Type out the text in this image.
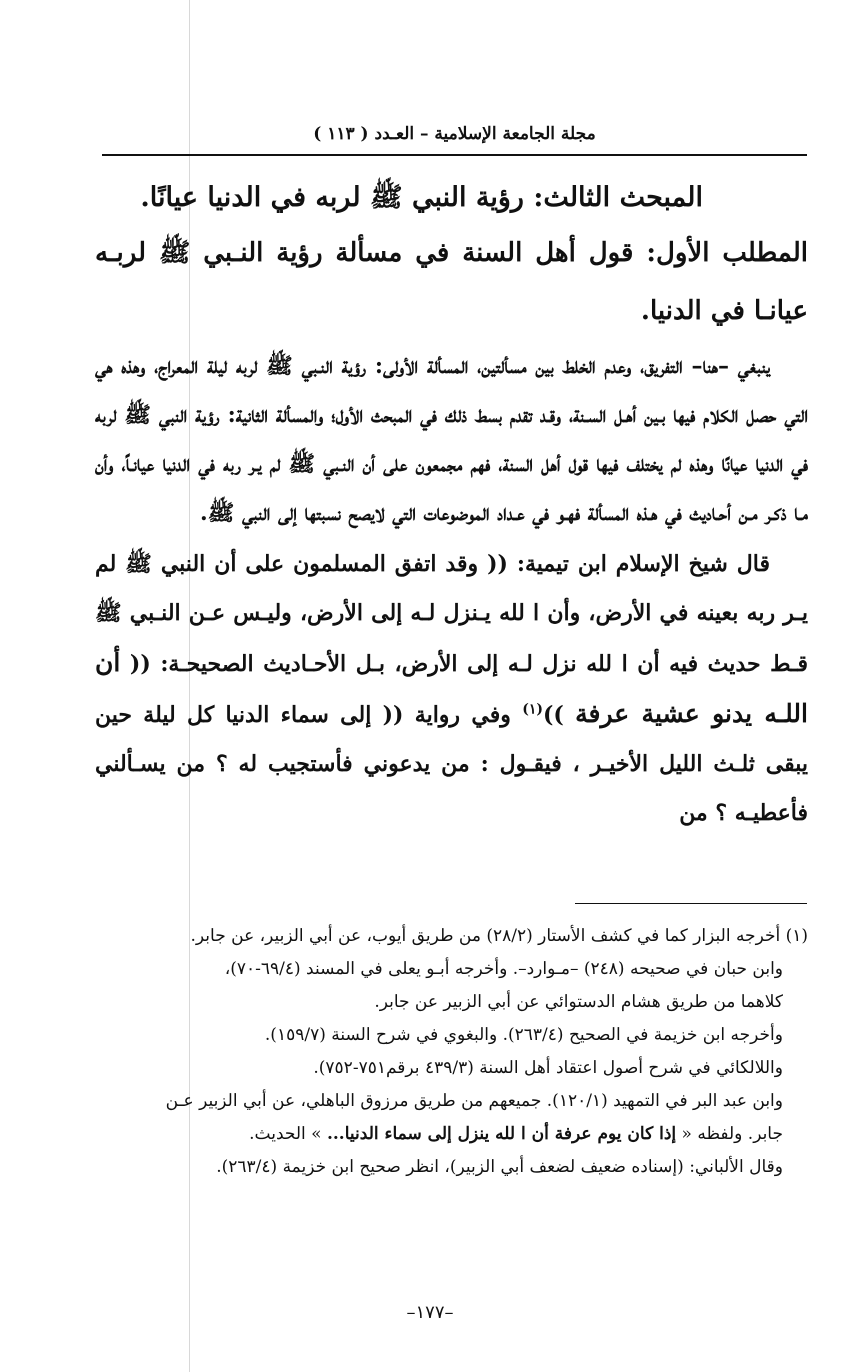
مجلة الجامعة الإسلامية – العـدد ( ١١٣ )

المبحث الثالث: رؤية النبي ﷺ لربه في الدنيا عيانًا.

المطلب الأول: قول أهل السنة في مسألة رؤية النـبي ﷺ لربـه عيانـا في الدنيا.

ينبغي –هنا– التفريق، وعدم الخلط بين مسألتين، المسألة الأولى: رؤية النـبي ﷺ لربه ليلة المعراج، وهذه هي التي حصل الكلام فيها بـين أهـل السـنة، وقـد تقدم بسط ذلك في المبحث الأول؛ والمسألة الثانية: رؤية النبي ﷺ لربه في الدنيا عيانًا وهذه لم يختلف فيها قول أهل السنة، فهم مجمعون على أن النـبي ﷺ لم يـر ربه في الدنيا عيانـاً، وأن مـا ذكـر مـن أحـاديث في هـذه المسألة فهـو في عـداد الموضوعات التي لايصح نسبتها إلى النبي ﷺ.

قال شيخ الإسلام ابن تيمية: (( وقد اتفق المسلمون على أن النبي ﷺ لم يـر ربه بعينه في الأرض، وأن ا لله يـنزل لـه إلى الأرض، وليـس عـن النـبي ﷺ قـط حديث فيه أن ا لله نزل لـه إلى الأرض، بـل الأحـاديث الصحيحـة: (( أن اللـه يدنو عشية عرفة ))$^{(١)}$ وفي رواية (( إلى سماء الدنيا كل ليلة حين يبقى ثلـث الليل الأخيـر ، فيقـول : من يدعوني فأستجيب له ؟ من يسـألني فأعطيـه ؟ من

(١) أخرجه البزار كما في كشف الأستار (٢٨/٢) من طريق أيوب، عن أبي الزبير، عن جابر.

وابن حبان في صحيحه (٢٤٨) –مـوارد–. وأخرجه أبـو يعلى في المسند (٦٩/٤-٧٠)،

كلاهما من طريق هشام الدستوائي عن أبي الزبير عن جابر.

وأخرجه ابن خزيمة في الصحيح (٢٦٣/٤). والبغوي في شرح السنة (١٥٩/٧).

واللالكائي في شرح أصول اعتقاد أهل السنة (٤٣٩/٣ برقم٧٥١-٧٥٢).

وابن عبد البر في التمهيد (١٢٠/١). جميعهم من طريق مرزوق الباهلي، عن أبي الزبير عـن

جابر. ولفظه « إذا كان يوم عرفة أن ا لله ينزل إلى سماء الدنيا... » الحديث.

وقال الألباني: (إسناده ضعيف لضعف أبي الزبير)، انظر صحيح ابن خزيمة (٢٦٣/٤).

–١٧٧–
